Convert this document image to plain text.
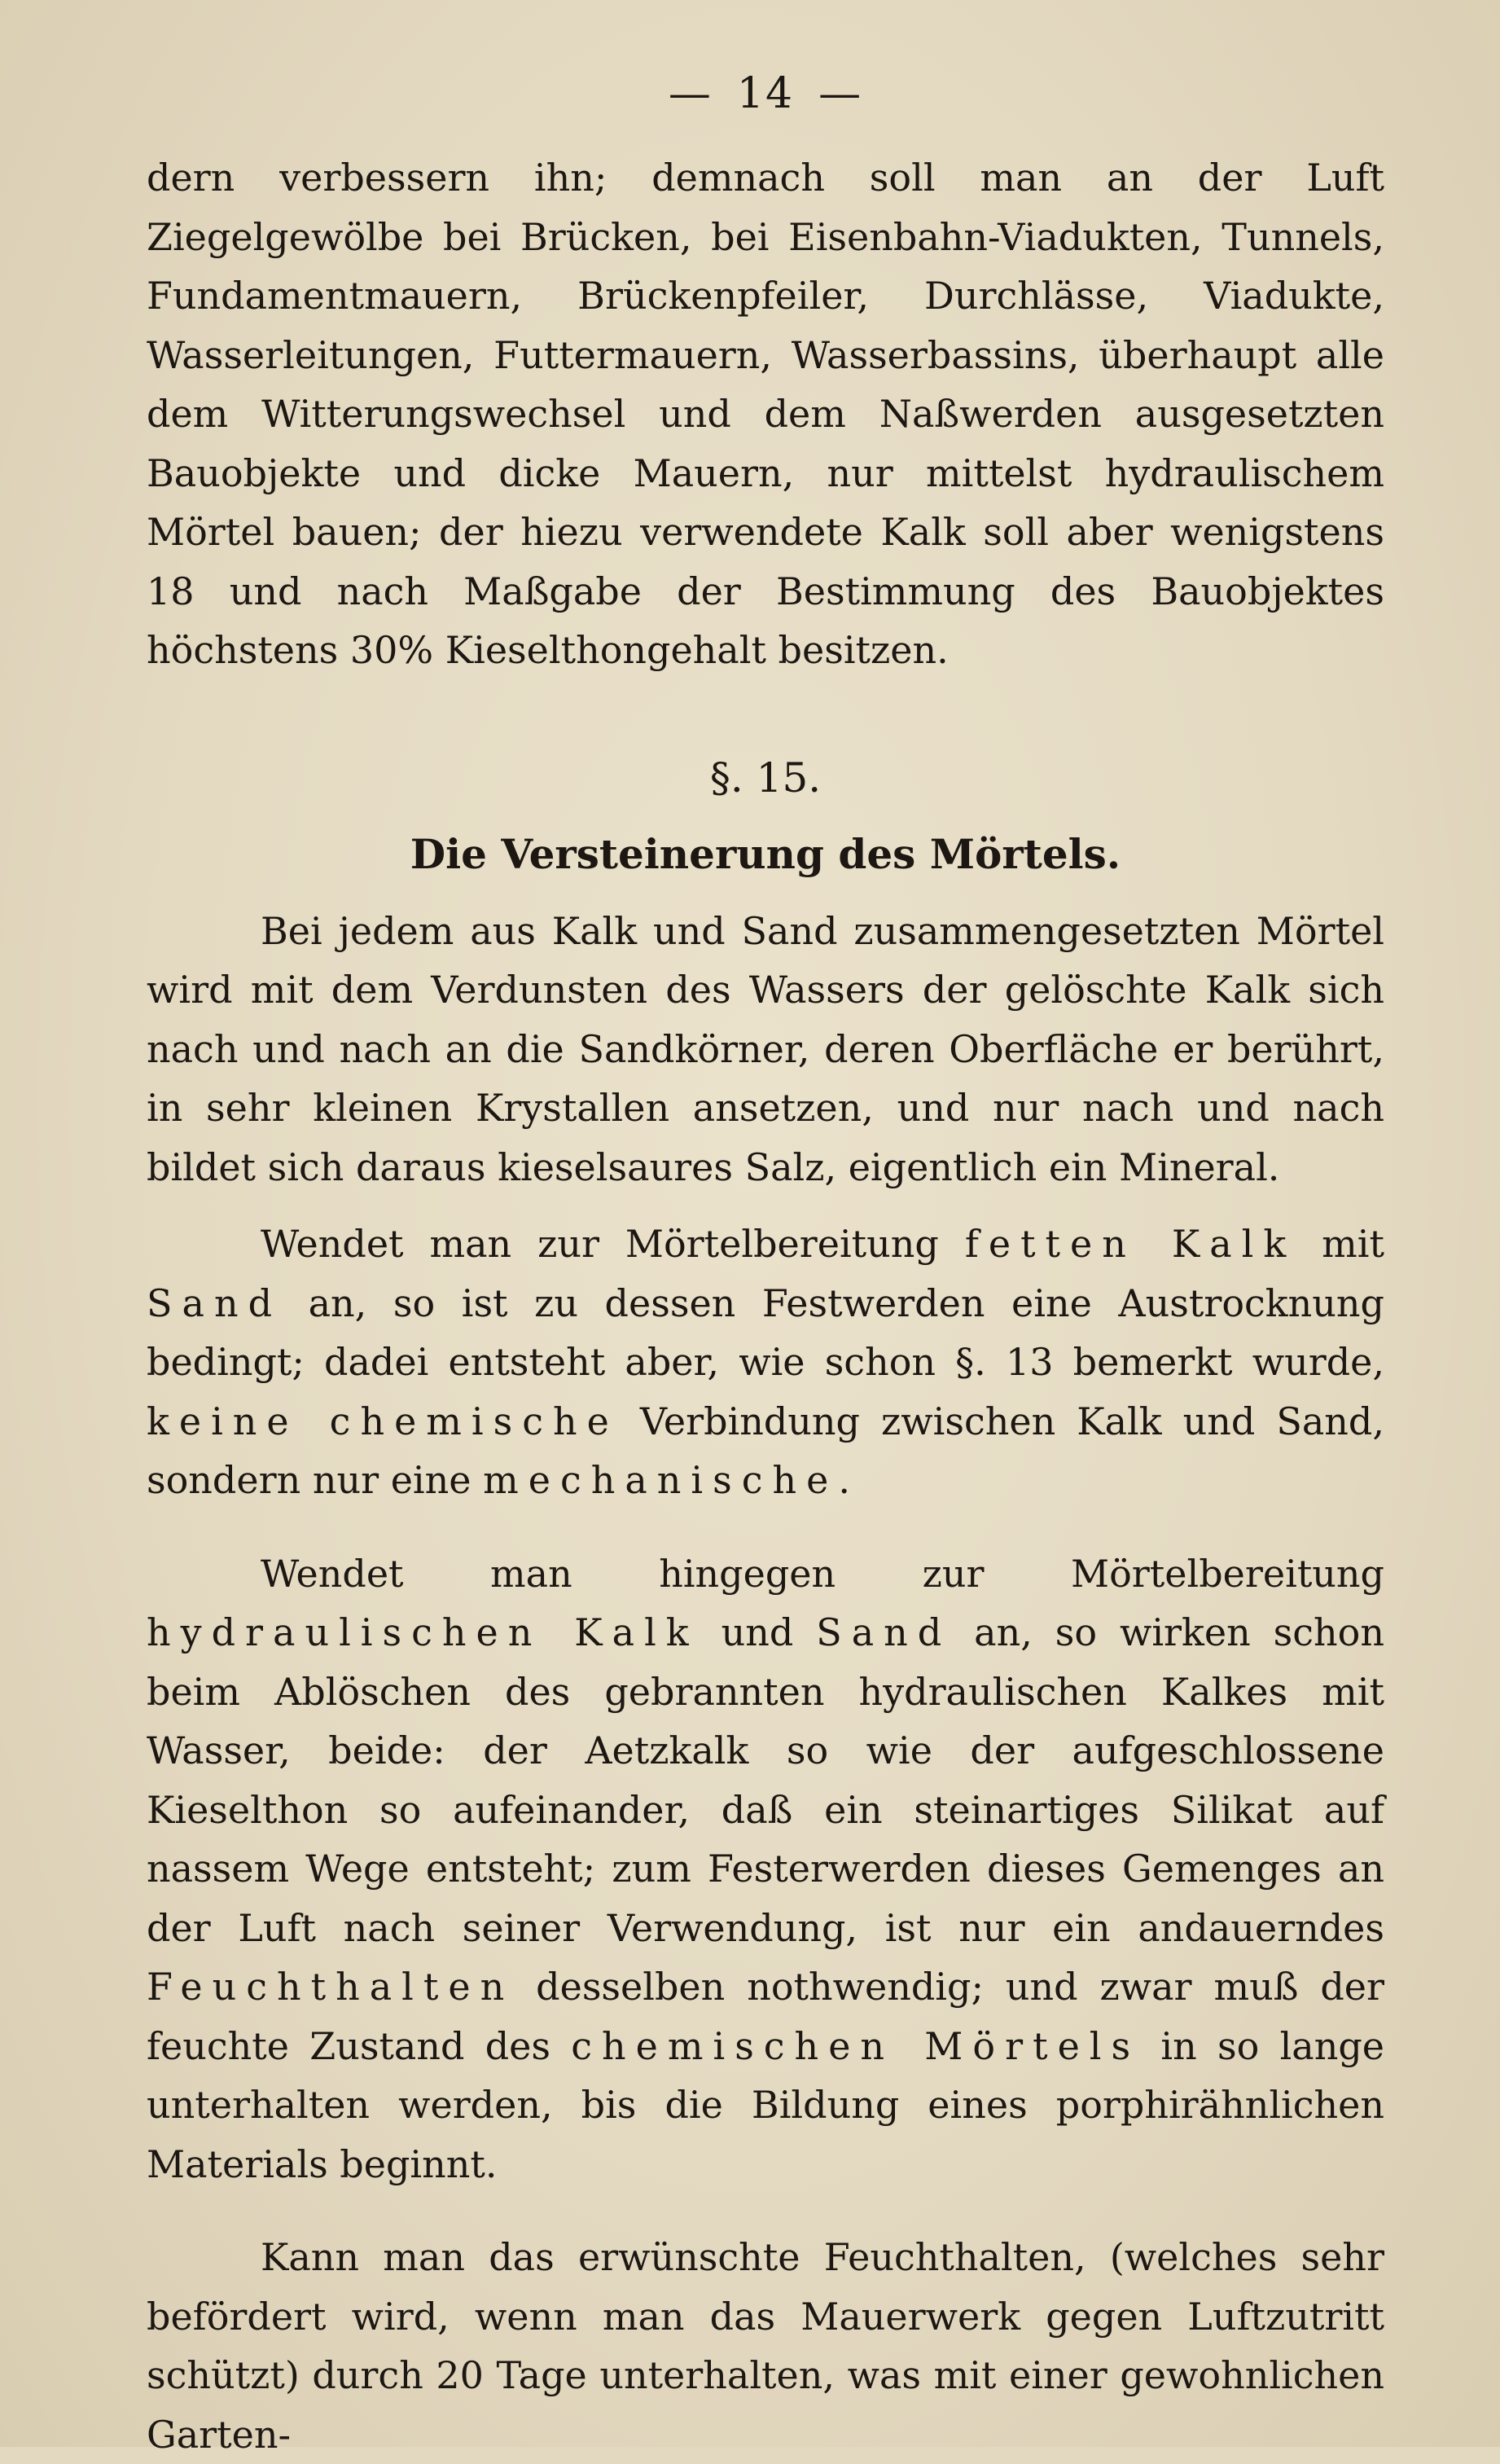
— 14 —

dern verbessern ihn; demnach soll man an der Luft Ziegelgewölbe bei Brücken, bei Eisenbahn-Viadukten, Tunnels, Fundamentmauern, Brückenpfeiler, Durchlässe, Viadukte, Wasserleitungen, Futtermauern, Wasserbassins, überhaupt alle dem Witterungswechsel und dem Naßwerden ausgesetzten Bauobjekte und dicke Mauern, nur mittelst hydraulischem Mörtel bauen; der hiezu verwendete Kalk soll aber wenigstens 18 und nach Maßgabe der Bestimmung des Bauobjektes höchstens 30% Kieselthongehalt besitzen.

§. 15.
Die Versteinerung des Mörtels.

Bei jedem aus Kalk und Sand zusammengesetzten Mörtel wird mit dem Verdunsten des Wassers der gelöschte Kalk sich nach und nach an die Sandkörner, deren Oberfläche er berührt, in sehr kleinen Krystallen ansetzen, und nur nach und nach bildet sich daraus kieselsaures Salz, eigentlich ein Mineral.

Wendet man zur Mörtelbereitung fetten Kalk mit Sand an, so ist zu dessen Festwerden eine Austrocknung bedingt; dadei entsteht aber, wie schon §. 13 bemerkt wurde, keine chemische Verbindung zwischen Kalk und Sand, sondern nur eine mechanische.

Wendet man hingegen zur Mörtelbereitung hydraulischen Kalk und Sand an, so wirken schon beim Ablöschen des gebrannten hydraulischen Kalkes mit Wasser, beide: der Aetzkalk so wie der aufgeschlossene Kieselthon so aufeinander, daß ein steinartiges Silikat auf nassem Wege entsteht; zum Festerwerden dieses Gemenges an der Luft nach seiner Verwendung, ist nur ein andauerndes Feuchthalten desselben nothwendig; und zwar muß der feuchte Zustand des chemischen Mörtels in so lange unterhalten werden, bis die Bildung eines porphirähnlichen Materials beginnt.

Kann man das erwünschte Feuchthalten, (welches sehr befördert wird, wenn man das Mauerwerk gegen Luftzutritt schützt) durch 20 Tage unterhalten, was mit einer gewohnlichen Garten-
